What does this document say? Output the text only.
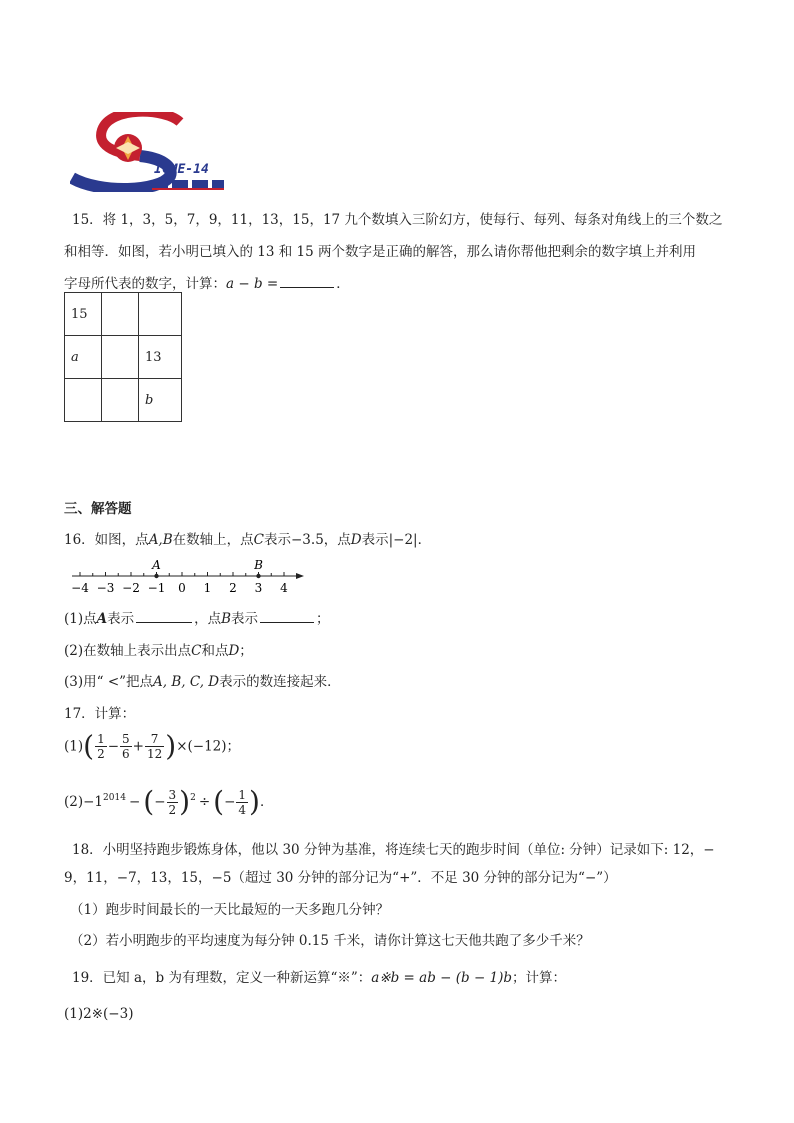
ICME-14
15．将 1，3，5，7，9，11，13，15，17 九个数填入三阶幻方，使每行、每列、每条对角线上的三个数之
和相等．如图，若小明已填入的 13 和 15 两个数字是正确的解答，那么请你帮他把剩余的数字填上并利用
字母所代表的数字，计算：a − b =	．
15		
a		13
		b
三、解答题
16．如图，点A,B在数轴上，点C表示−3.5，点D表示|−2|．
−4 −3 −2 −1 0 1 2 3 4
A	B
(1)点A表示	，点B表示	；
(2)在数轴上表示出点C和点D；
(3)用“ <”把点A, B, C, D表示的数连接起来．
17．计算：
$(1)( \frac{1}{2} - \frac{5}{6} + \frac{7}{12} )\times(-12)$；
$(2)-1^{2014}$ − (− $\frac{3}{2} )^2$ ÷ (− $\frac{1}{4}$ )．
18．小明坚持跑步锻炼身体，他以 30 分钟为基准，将连续七天的跑步时间（单位: 分钟）记录如下: 12，−
9，11，−7，13，15，−5（超过 30 分钟的部分记为“+”．不足 30 分钟的部分记为“−”）
（1）跑步时间最长的一天比最短的一天多跑几分钟？
（2）若小明跑步的平均速度为每分钟 0.15 千米，请你计算这七天他共跑了多少千米？
19．已知 a，b 为有理数，定义一种新运算“※”：a※b = ab − (b − 1)b；计算：
(1)2※(−3)
